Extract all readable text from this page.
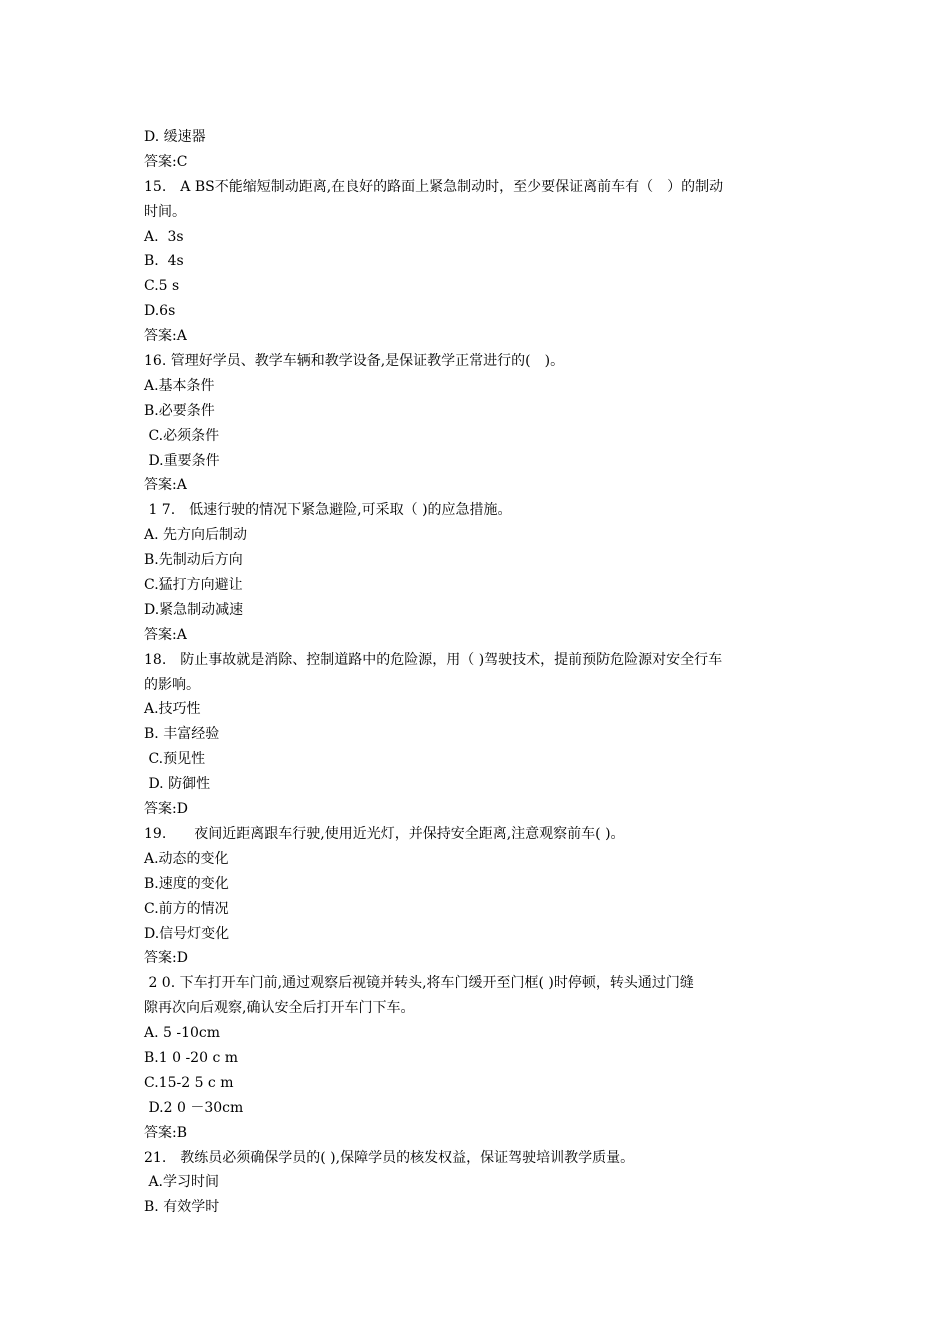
D. 缓速器
答案:C
15.　A BS不能缩短制动距离,在良好的路面上紧急制动时，至少要保证离前车有（　）的制动
时间。
A.  3s
B.  4s
C.5 s
D.6s
答案:A
16. 管理好学员、教学车辆和教学设备,是保证教学正常进行的(　)。
A.基本条件
B.必要条件
C.必须条件
D.重要条件
答案:A
1 7.　低速行驶的情况下紧急避险,可采取（ )的应急措施。
A. 先方向后制动
B.先制动后方向
C.猛打方向避让
D.紧急制动减速
答案:A
18.　防止事故就是消除、控制道路中的危险源，用（ )驾驶技术，提前预防危险源对安全行车
的影响。
A.技巧性
B. 丰富经验
C.预见性
D. 防御性
答案:D
19.　　夜间近距离跟车行驶,使用近光灯，并保持安全距离,注意观察前车( )。
A.动态的变化
B.速度的变化
C.前方的情况
D.信号灯变化
答案:D
2 0. 下车打开车门前,通过观察后视镜并转头,将车门缓开至门框( )时停顿，转头通过门缝
隙再次向后观察,确认安全后打开车门下车。
A. 5 -10cm
B.1 0 -20 c m
C.15-2 5 c m
D.2 0 －30cm
答案:B
21.　教练员必须确保学员的( ),保障学员的核发权益，保证驾驶培训教学质量。
A.学习时间
B. 有效学时
